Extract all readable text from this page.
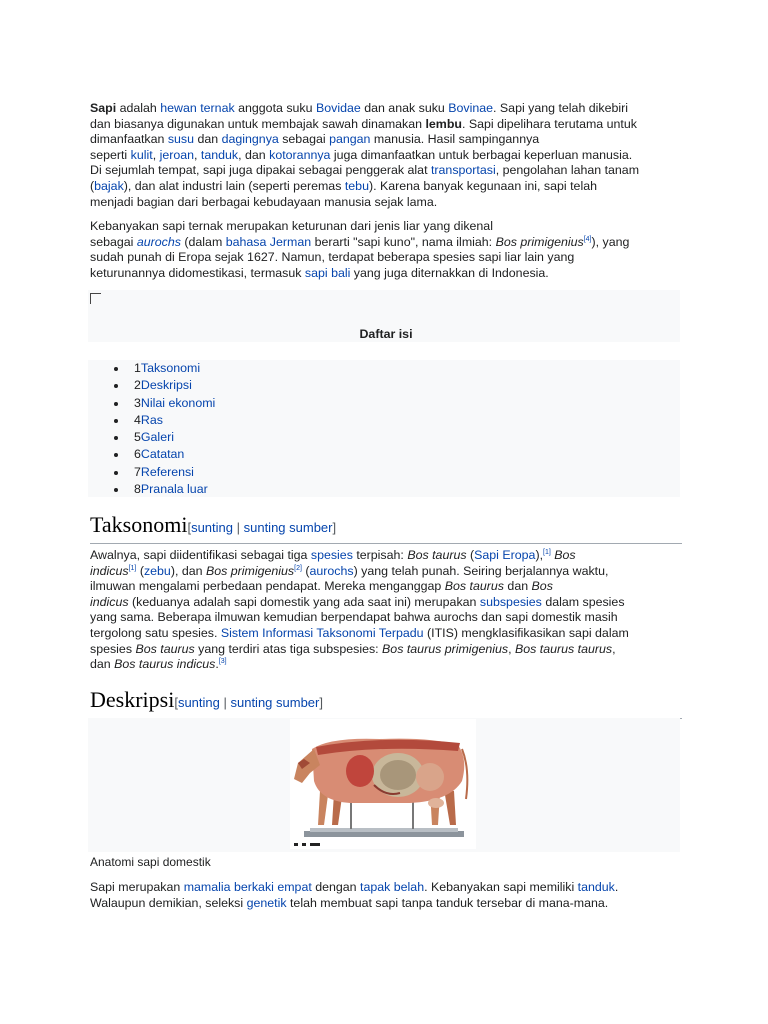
Sapi adalah hewan ternak anggota suku Bovidae dan anak suku Bovinae. Sapi yang telah dikebiri
dan biasanya digunakan untuk membajak sawah dinamakan lembu. Sapi dipelihara terutama untuk
dimanfaatkan susu dan dagingnya sebagai pangan manusia. Hasil sampingannya
seperti kulit, jeroan, tanduk, dan kotorannya juga dimanfaatkan untuk berbagai keperluan manusia.
Di sejumlah tempat, sapi juga dipakai sebagai penggerak alat transportasi, pengolahan lahan tanam
(bajak), dan alat industri lain (seperti peremas tebu). Karena banyak kegunaan ini, sapi telah
menjadi bagian dari berbagai kebudayaan manusia sejak lama.

Kebanyakan sapi ternak merupakan keturunan dari jenis liar yang dikenal
sebagai aurochs (dalam bahasa Jerman berarti "sapi kuno", nama ilmiah: Bos primigenius[4]), yang
sudah punah di Eropa sejak 1627. Namun, terdapat beberapa spesies sapi liar lain yang
keturunannya didomestikasi, termasuk sapi bali yang juga diternakkan di Indonesia.

Daftar isi
1Taksonomi
2Deskripsi
3Nilai ekonomi
4Ras
5Galeri
6Catatan
7Referensi
8Pranala luar
Taksonomi[sunting | sunting sumber]

Awalnya, sapi diidentifikasi sebagai tiga spesies terpisah: Bos taurus (Sapi Eropa),[1] Bos
indicus[1] (zebu), dan Bos primigenius[2] (aurochs) yang telah punah. Seiring berjalannya waktu,
ilmuwan mengalami perbedaan pendapat. Mereka menganggap Bos taurus dan Bos
indicus (keduanya adalah sapi domestik yang ada saat ini) merupakan subspesies dalam spesies
yang sama. Beberapa ilmuwan kemudian berpendapat bahwa aurochs dan sapi domestik masih
tergolong satu spesies. Sistem Informasi Taksonomi Terpadu (ITIS) mengklasifikasikan sapi dalam
spesies Bos taurus yang terdiri atas tiga subspesies: Bos taurus primigenius, Bos taurus taurus,
dan Bos taurus indicus.[3]

Deskripsi[sunting | sunting sumber]
Anatomi sapi domestik

Sapi merupakan mamalia berkaki empat dengan tapak belah. Kebanyakan sapi memiliki tanduk.
Walaupun demikian, seleksi genetik telah membuat sapi tanpa tanduk tersebar di mana-mana.
